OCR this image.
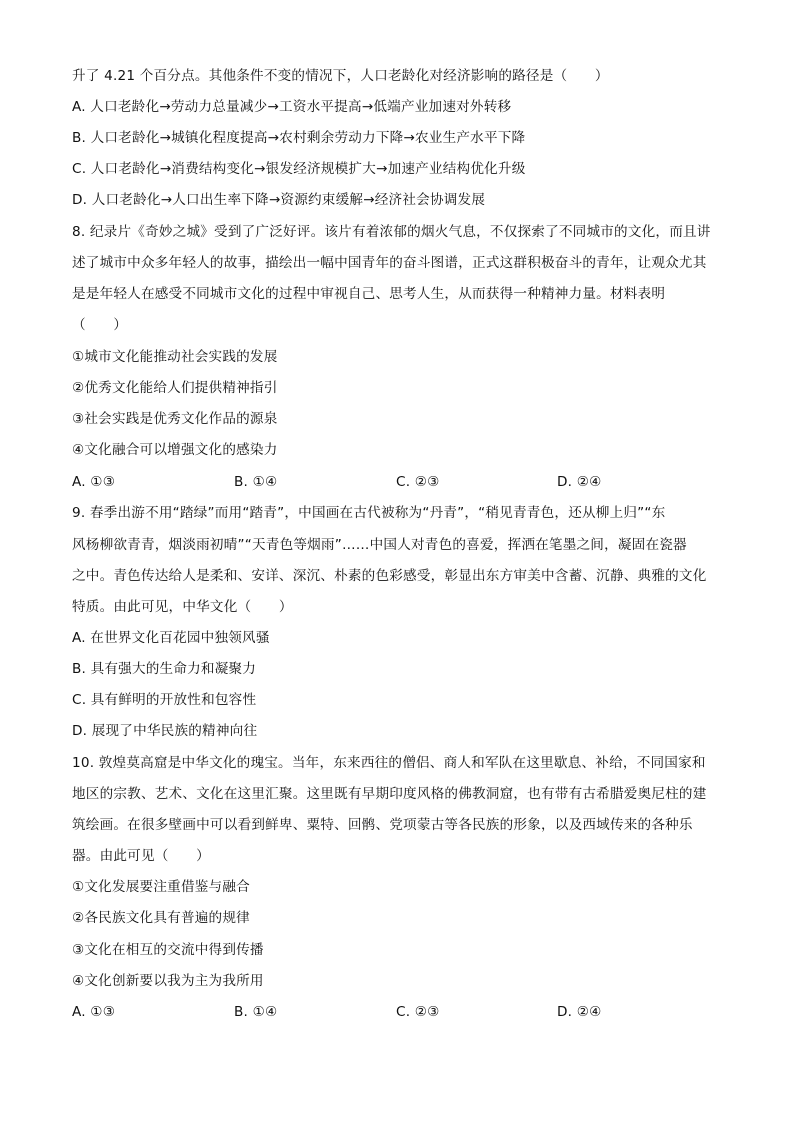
升了 4.21 个百分点。其他条件不变的情况下，人口老龄化对经济影响的路径是（　　）
A. 人口老龄化→劳动力总量减少→工资水平提高→低端产业加速对外转移
B. 人口老龄化→城镇化程度提高→农村剩余劳动力下降→农业生产水平下降
C. 人口老龄化→消费结构变化→银发经济规模扩大→加速产业结构优化升级
D. 人口老龄化→人口出生率下降→资源约束缓解→经济社会协调发展
8. 纪录片《奇妙之城》受到了广泛好评。该片有着浓郁的烟火气息，不仅探索了不同城市的文化，而且讲
述了城市中众多年轻人的故事，描绘出一幅中国青年的奋斗图谱，正式这群积极奋斗的青年，让观众尤其
是是年轻人在感受不同城市文化的过程中审视自己、思考人生，从而获得一种精神力量。材料表明
（　　）
①城市文化能推动社会实践的发展
②优秀文化能给人们提供精神指引
③社会实践是优秀文化作品的源泉
④文化融合可以增强文化的感染力
A. ①③	B. ①④	C. ②③	D. ②④
9. 春季出游不用“踏绿”而用“踏青”，中国画在古代被称为“丹青”，“稍见青青色，还从柳上归”“东
风杨柳欲青青，烟淡雨初晴”“天青色等烟雨”……中国人对青色的喜爱，挥洒在笔墨之间，凝固在瓷器
之中。青色传达给人是柔和、安详、深沉、朴素的色彩感受，彰显出东方审美中含蓄、沉静、典雅的文化
特质。由此可见，中华文化（　　）
A. 在世界文化百花园中独领风骚
B. 具有强大的生命力和凝聚力
C. 具有鲜明的开放性和包容性
D. 展现了中华民族的精神向往
10. 敦煌莫高窟是中华文化的瑰宝。当年，东来西往的僧侣、商人和军队在这里歇息、补给，不同国家和
地区的宗教、艺术、文化在这里汇聚。这里既有早期印度风格的佛教洞窟，也有带有古希腊爱奥尼柱的建
筑绘画。在很多壁画中可以看到鲜卑、粟特、回鹘、党项蒙古等各民族的形象，以及西域传来的各种乐
器。由此可见（　　）
①文化发展要注重借鉴与融合
②各民族文化具有普遍的规律
③文化在相互的交流中得到传播
④文化创新要以我为主为我所用
A. ①③	B. ①④	C. ②③	D. ②④
